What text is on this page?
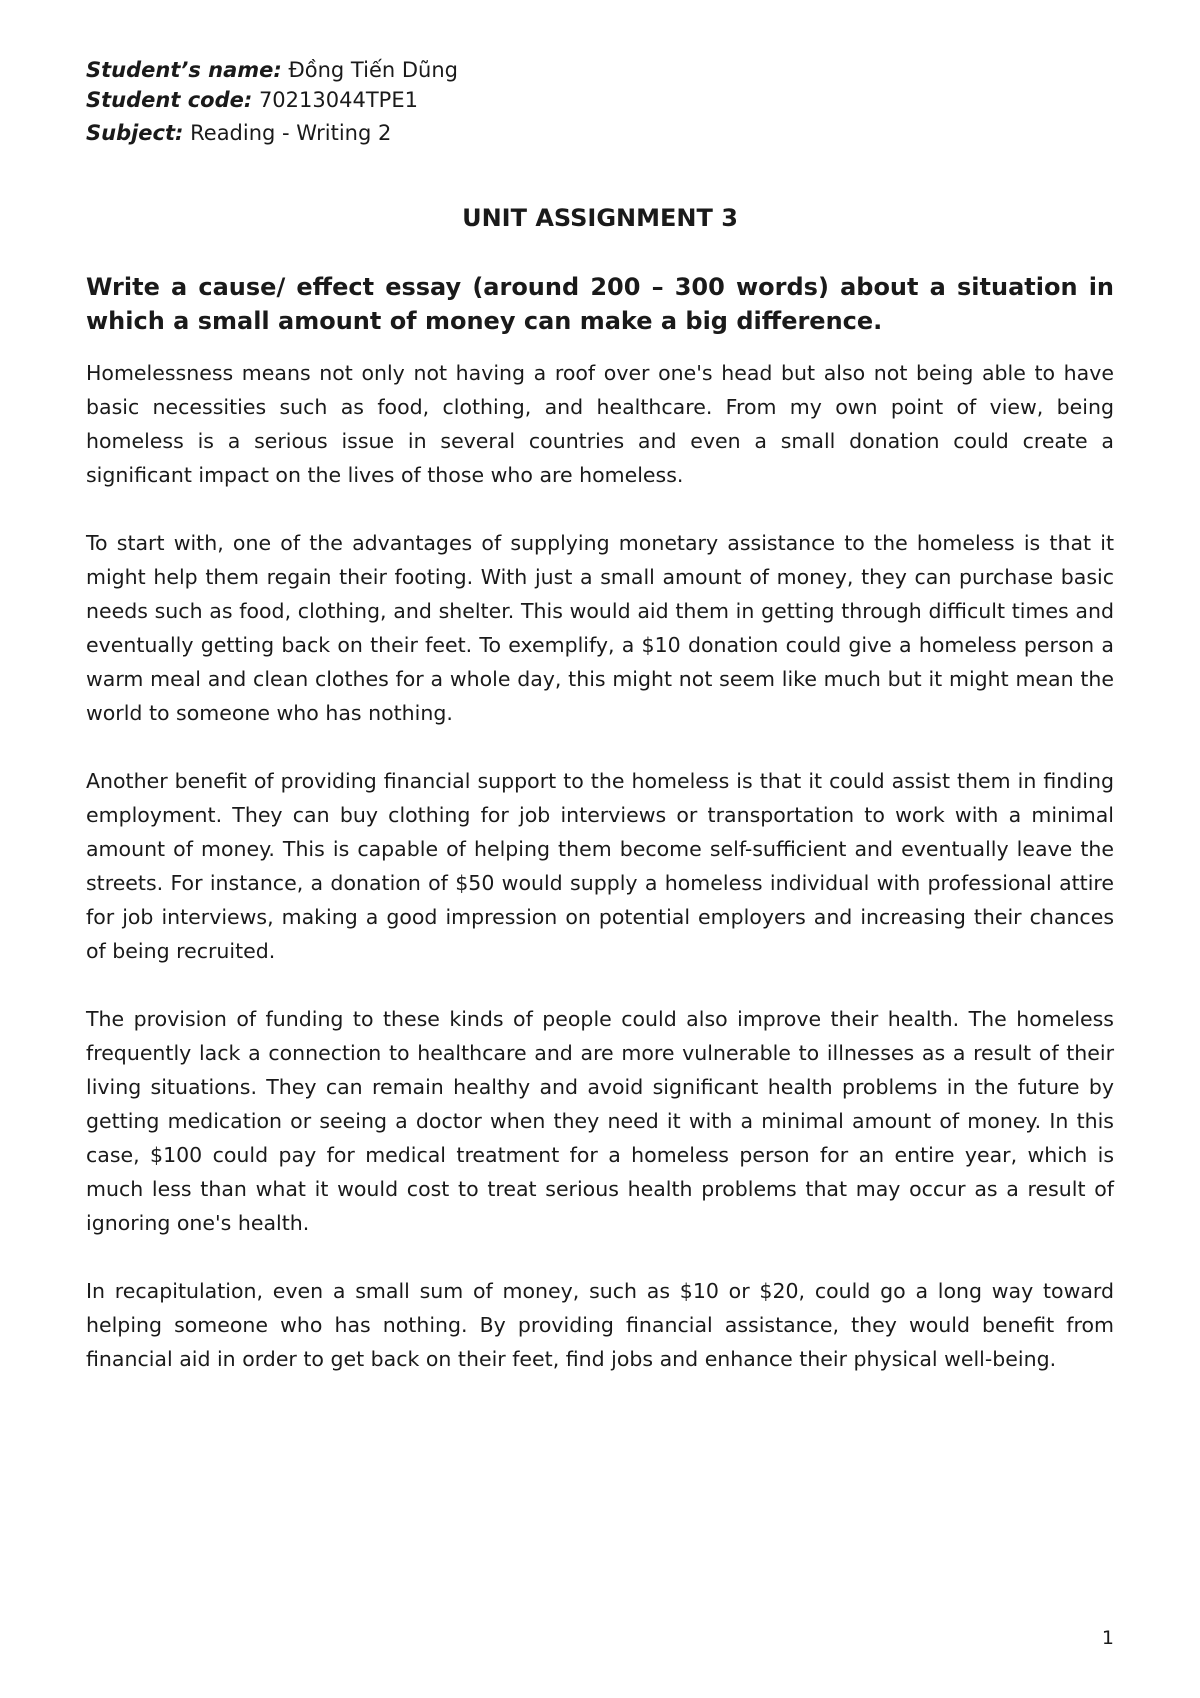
Student’s name: Đồng Tiến Dũng

Student code: 70213044TPE1

Subject: Reading - Writing 2

UNIT ASSIGNMENT 3

Write a cause/ effect essay (around 200 – 300 words) about a situation in which a small amount of money can make a big difference.

Homelessness means not only not having a roof over one's head but also not being able to have basic necessities such as food, clothing, and healthcare. From my own point of view, being homeless is a serious issue in several countries and even a small donation could create a significant impact on the lives of those who are homeless.

To start with, one of the advantages of supplying monetary assistance to the homeless is that it might help them regain their footing. With just a small amount of money, they can purchase basic needs such as food, clothing, and shelter. This would aid them in getting through difficult times and eventually getting back on their feet. To exemplify, a $10 donation could give a homeless person a warm meal and clean clothes for a whole day, this might not seem like much but it might mean the world to someone who has nothing.

Another benefit of providing financial support to the homeless is that it could assist them in finding employment. They can buy clothing for job interviews or transportation to work with a minimal amount of money. This is capable of helping them become self-sufficient and eventually leave the streets. For instance, a donation of $50 would supply a homeless individual with professional attire for job interviews, making a good impression on potential employers and increasing their chances of being recruited.

The provision of funding to these kinds of people could also improve their health. The homeless frequently lack a connection to healthcare and are more vulnerable to illnesses as a result of their living situations. They can remain healthy and avoid significant health problems in the future by getting medication or seeing a doctor when they need it with a minimal amount of money. In this case, $100 could pay for medical treatment for a homeless person for an entire year, which is much less than what it would cost to treat serious health problems that may occur as a result of ignoring one's health.

In recapitulation, even a small sum of money, such as $10 or $20, could go a long way toward helping someone who has nothing. By providing financial assistance, they would benefit from financial aid in order to get back on their feet, find jobs and enhance their physical well-being.

1
